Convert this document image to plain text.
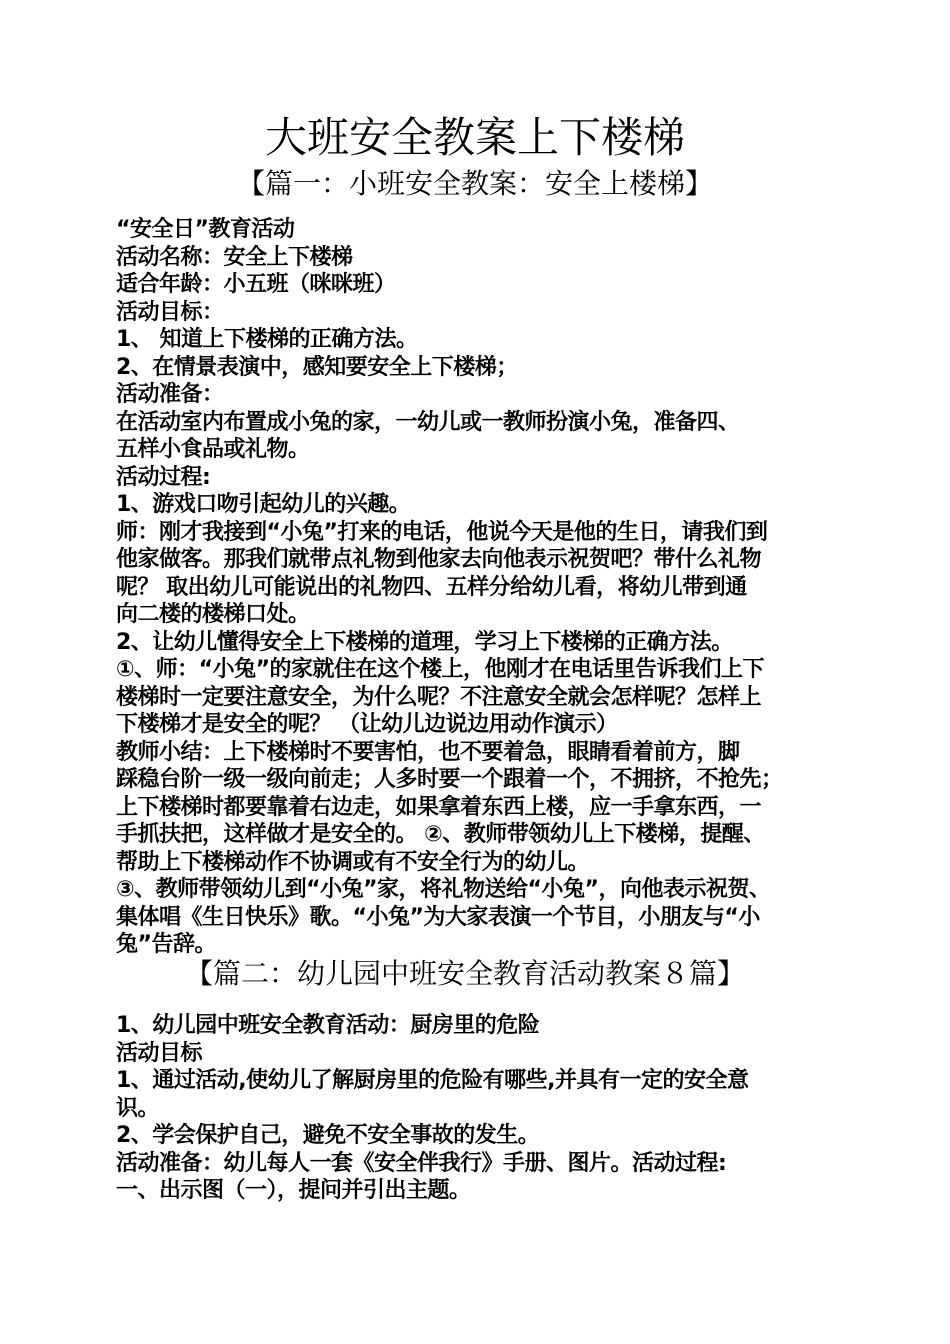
大班安全教案上下楼梯
【篇一：小班安全教案：安全上楼梯】

“安全日”教育活动

活动名称：安全上下楼梯

适合年龄：小五班（咪咪班）

活动目标：

1、 知道上下楼梯的正确方法。

2、在情景表演中，感知要安全上下楼梯；

活动准备：

在活动室内布置成小兔的家，一幼儿或一教师扮演小兔，准备四、

五样小食品或礼物。

活动过程:

1、游戏口吻引起幼儿的兴趣。

师：刚才我接到“小兔”打来的电话，他说今天是他的生日，请我们到

他家做客。那我们就带点礼物到他家去向他表示祝贺吧？带什么礼物

呢？ 取出幼儿可能说出的礼物四、五样分给幼儿看，将幼儿带到通

向二楼的楼梯口处。

2、让幼儿懂得安全上下楼梯的道理，学习上下楼梯的正确方法。

①、师：“小兔”的家就住在这个楼上，他刚才在电话里告诉我们上下

楼梯时一定要注意安全，为什么呢？不注意安全就会怎样呢？怎样上

下楼梯才是安全的呢？ （让幼儿边说边用动作演示）

教师小结：上下楼梯时不要害怕，也不要着急，眼睛看着前方，脚

踩稳台阶一级一级向前走；人多时要一个跟着一个，不拥挤，不抢先；

上下楼梯时都要靠着右边走，如果拿着东西上楼，应一手拿东西，一

手抓扶把，这样做才是安全的。 ②、教师带领幼儿上下楼梯，提醒、

帮助上下楼梯动作不协调或有不安全行为的幼儿。

③、教师带领幼儿到“小兔”家，将礼物送给“小兔”，向他表示祝贺、

集体唱《生日快乐》歌。“小兔”为大家表演一个节目，小朋友与“小

兔”告辞。

【篇二：幼儿园中班安全教育活动教案８篇】

1、幼儿园中班安全教育活动：厨房里的危险

活动目标

1、通过活动,使幼儿了解厨房里的危险有哪些,并具有一定的安全意

识。

2、学会保护自己，避免不安全事故的发生。

活动准备：幼儿每人一套《安全伴我行》手册、图片。活动过程:

一、出示图（一），提问并引出主题。
